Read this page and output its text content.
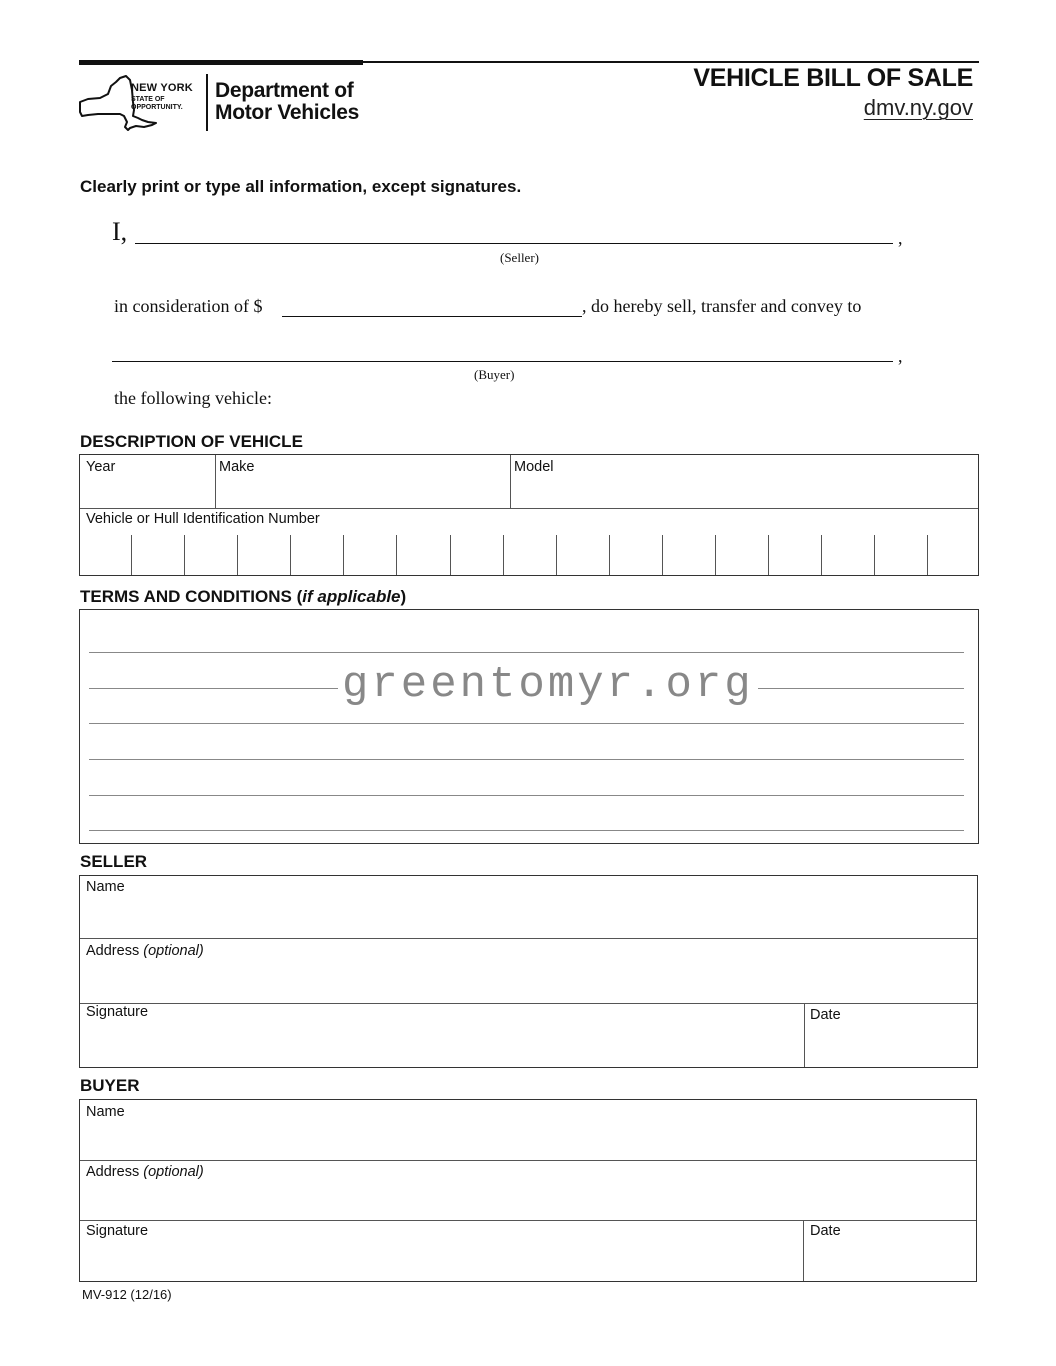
NEW YORK
STATE OF
OPPORTUNITY.
Department of
Motor Vehicles
VEHICLE BILL OF SALE
dmv.ny.gov
Clearly print or type all information, except signatures.
I,	,
(Seller)
in consideration of $	, do hereby sell, transfer and convey to
,
(Buyer)
the following vehicle:
DESCRIPTION OF VEHICLE
Year	Make	Model
Vehicle or Hull Identification Number
TERMS AND CONDITIONS (if applicable)
greentomyr.org
SELLER
Name
Address (optional)
Signature	Date
BUYER
Name
Address (optional)
Signature	Date
MV-912 (12/16)
